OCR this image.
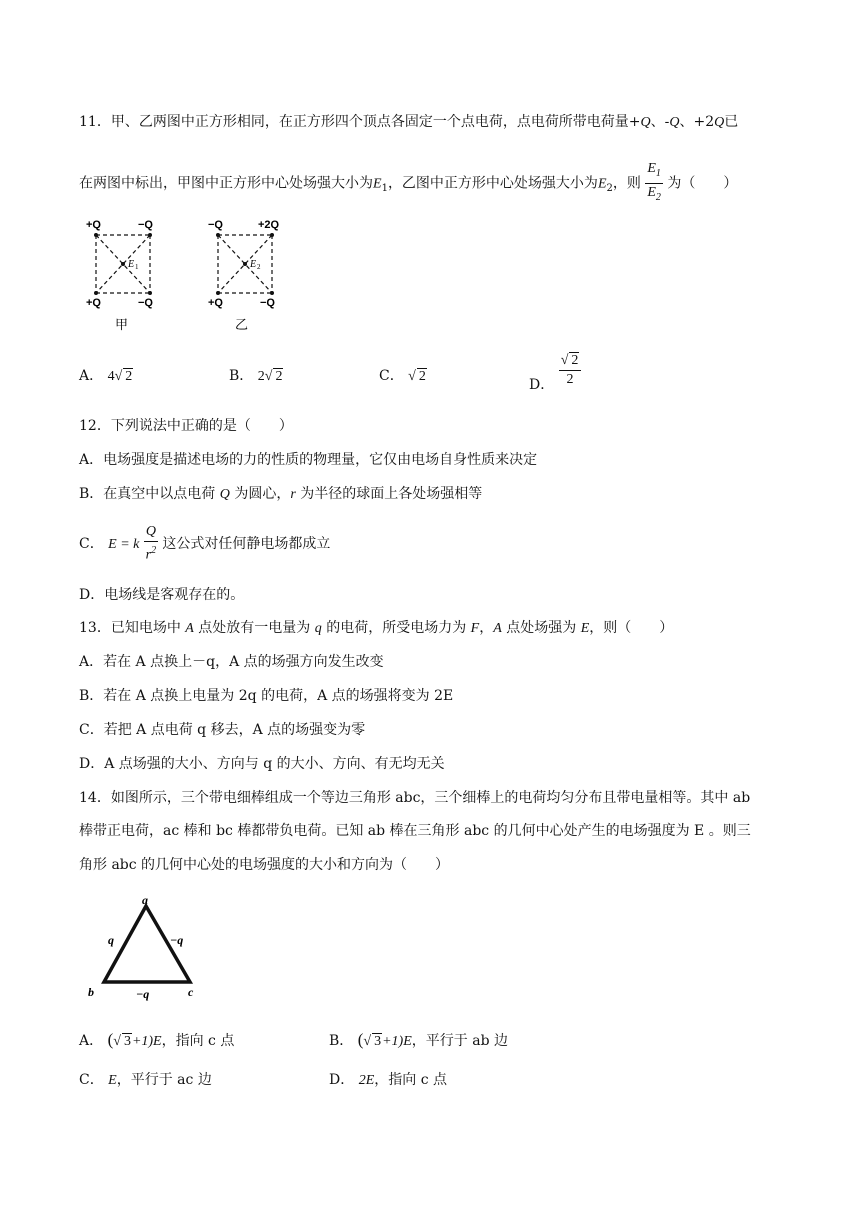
11．甲、乙两图中正方形相同，在正方形四个顶点各固定一个点电荷，点电荷所带电荷量+Q、-Q、+2Q已
在两图中标出，甲图中正方形中心处场强大小为$E_1$，乙图中正方形中心处场强大小为$E_2$，则 $\frac{E_1}{E_2}$ 为（　　）
+Q	−Q
+Q	−Q
E 1
甲
−Q	+2Q
+Q	−Q
E 2
乙
A． 4√ 2	B． 2√ 2	C． √ 2	D． $\frac{√ 2}{2}$
12．下列说法中正确的是（　　）
A．电场强度是描述电场的力的性质的物理量，它仅由电场自身性质来决定
B．在真空中以点电荷 Q 为圆心，r 为半径的球面上各处场强相等
C． E = k $\frac{Q}{r^2}$ 这公式对任何静电场都成立
D．电场线是客观存在的。
13．已知电场中 A 点处放有一电量为 q 的电荷，所受电场力为 F，A 点处场强为 E，则（　　）
A．若在 A 点换上－q，A 点的场强方向发生改变
B．若在 A 点换上电量为 2q 的电荷，A 点的场强将变为 2E
C．若把 A 点电荷 q 移去，A 点的场强变为零
D．A 点场强的大小、方向与 q 的大小、方向、有无均无关
14．如图所示，三个带电细棒组成一个等边三角形 abc，三个细棒上的电荷均匀分布且带电量相等。其中 ab
棒带正电荷，ac 棒和 bc 棒都带负电荷。已知 ab 棒在三角形 abc 的几何中心处产生的电场强度为 E 。则三
角形 abc 的几何中心处的电场强度的大小和方向为（　　）
a
b	c
q	−q
−q
A． (√ 3+1)E，指向 c 点	B． (√ 3+1)E，平行于 ab 边
C． E，平行于 ac 边	D． 2E，指向 c 点
